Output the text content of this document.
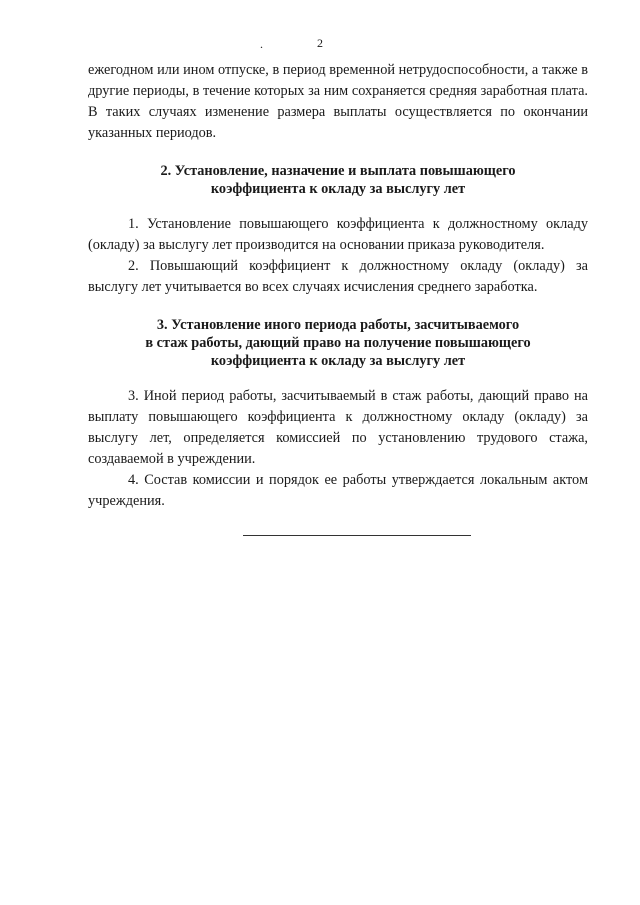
.	2

ежегодном или ином отпуске, в период временной нетрудоспособности, а также в другие периоды, в течение которых за ним сохраняется средняя заработная плата. В таких случаях изменение размера выплаты осуществляется по окончании указанных периодов.

2. Установление, назначение и выплата повышающего
коэффициента к окладу за выслугу лет

1. Установление повышающего коэффициента к должностному окладу (окладу) за выслугу лет производится на основании приказа руководителя.

2. Повышающий коэффициент к должностному окладу (окладу) за выслугу лет учитывается во всех случаях исчисления среднего заработка.

3. Установление иного периода работы, засчитываемого
в стаж работы, дающий право на получение повышающего
коэффициента к окладу за выслугу лет

3. Иной период работы, засчитываемый в стаж работы, дающий право на выплату повышающего коэффициента к должностному окладу (окладу) за выслугу лет, определяется комиссией по установлению трудового стажа, создаваемой в учреждении.

4. Состав комиссии и порядок ее работы утверждается локальным актом учреждения.
